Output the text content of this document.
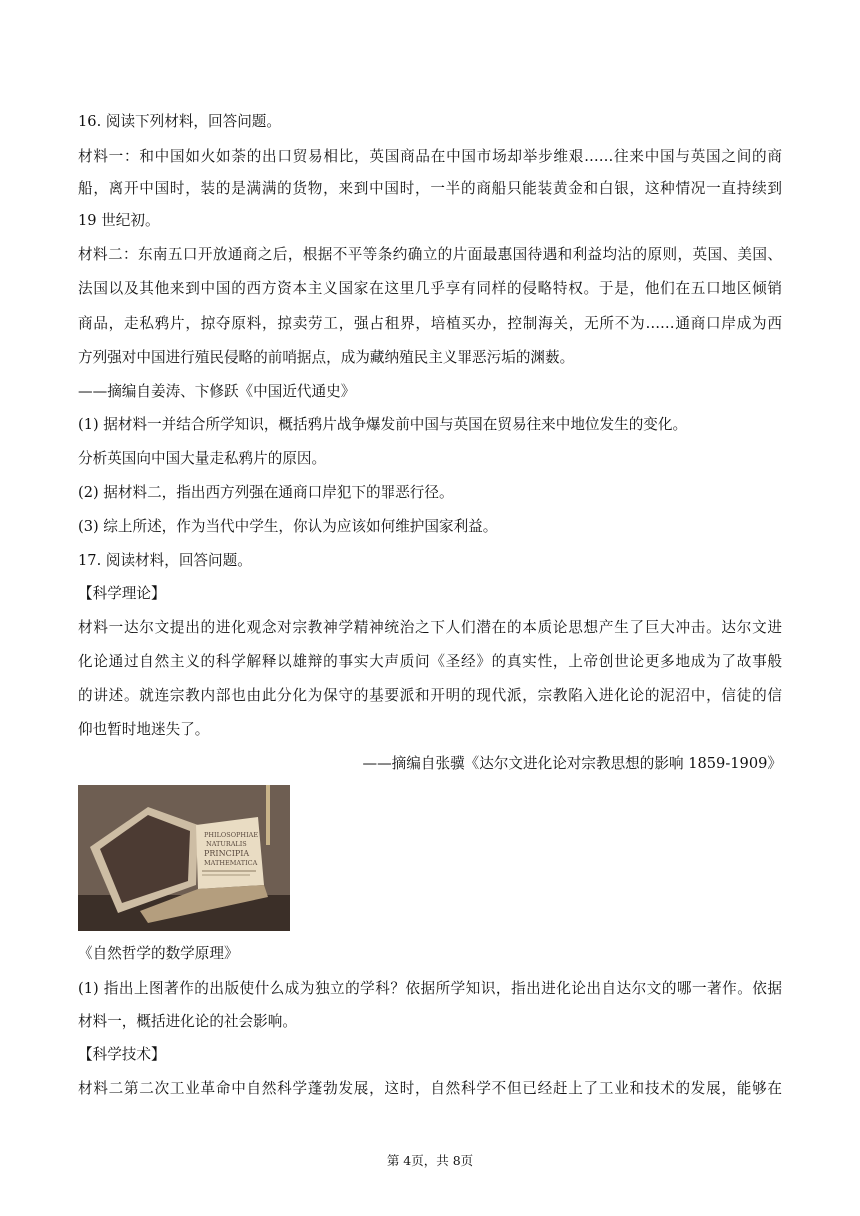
16. 阅读下列材料，回答问题。
材料一：和中国如火如荼的出口贸易相比，英国商品在中国市场却举步维艰……往来中国与英国之间的商
船，离开中国时，装的是满满的货物，来到中国时，一半的商船只能装黄金和白银，这种情况一直持续到
19 世纪初。
材料二：东南五口开放通商之后，根据不平等条约确立的片面最惠国待遇和利益均沾的原则，英国、美国、
法国以及其他来到中国的西方资本主义国家在这里几乎享有同样的侵略特权。于是，他们在五口地区倾销
商品，走私鸦片，掠夺原料，掠卖劳工，强占租界，培植买办，控制海关，无所不为……通商口岸成为西
方列强对中国进行殖民侵略的前哨据点，成为藏纳殖民主义罪恶污垢的渊薮。
——摘编自姜涛、卞修跃《中国近代通史》
(1) 据材料一并结合所学知识，概括鸦片战争爆发前中国与英国在贸易往来中地位发生的变化。
分析英国向中国大量走私鸦片的原因。
(2) 据材料二，指出西方列强在通商口岸犯下的罪恶行径。
(3) 综上所述，作为当代中学生，你认为应该如何维护国家利益。
17. 阅读材料，回答问题。
【科学理论】
材料一达尔文提出的进化观念对宗教神学精神统治之下人们潜在的本质论思想产生了巨大冲击。达尔文进
化论通过自然主义的科学解释以雄辩的事实大声质问《圣经》的真实性，上帝创世论更多地成为了故事般
的讲述。就连宗教内部也由此分化为保守的基要派和开明的现代派，宗教陷入进化论的泥沼中，信徒的信
仰也暂时地迷失了。
——摘编自张骥《达尔文进化论对宗教思想的影响 1859-1909》
PHILOSOPHIAE
NATURALIS
PRINCIPIA
MATHEMATICA
《自然哲学的数学原理》
(1) 指出上图著作的出版使什么成为独立的学科？依据所学知识，指出进化论出自达尔文的哪一著作。依据
材料一，概括进化论的社会影响。
【科学技术】
材料二第二次工业革命中自然科学蓬勃发展，这时，自然科学不但已经赶上了工业和技术的发展，能够在
第 4页，共 8页
